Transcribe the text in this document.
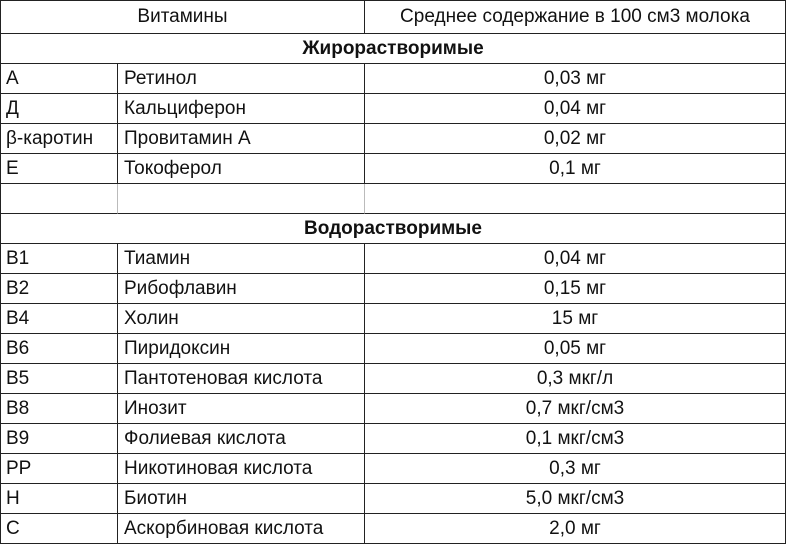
Витамины	Среднее содержание в 100 см3 молока
Жирорастворимые
А	Ретинол	0,03 мг
Д	Кальциферон	0,04 мг
β-каротин	Провитамин А	0,02 мг
Е	Токоферол	0,1 мг
Водорастворимые
В1	Тиамин	0,04 мг
В2	Рибофлавин	0,15 мг
В4	Холин	15 мг
В6	Пиридоксин	0,05 мг
В5	Пантотеновая кислота	0,3 мкг/л
В8	Инозит	0,7 мкг/см3
В9	Фолиевая кислота	0,1 мкг/см3
РР	Никотиновая кислота	0,3 мг
Н	Биотин	5,0 мкг/см3
С	Аскорбиновая кислота	2,0 мг
